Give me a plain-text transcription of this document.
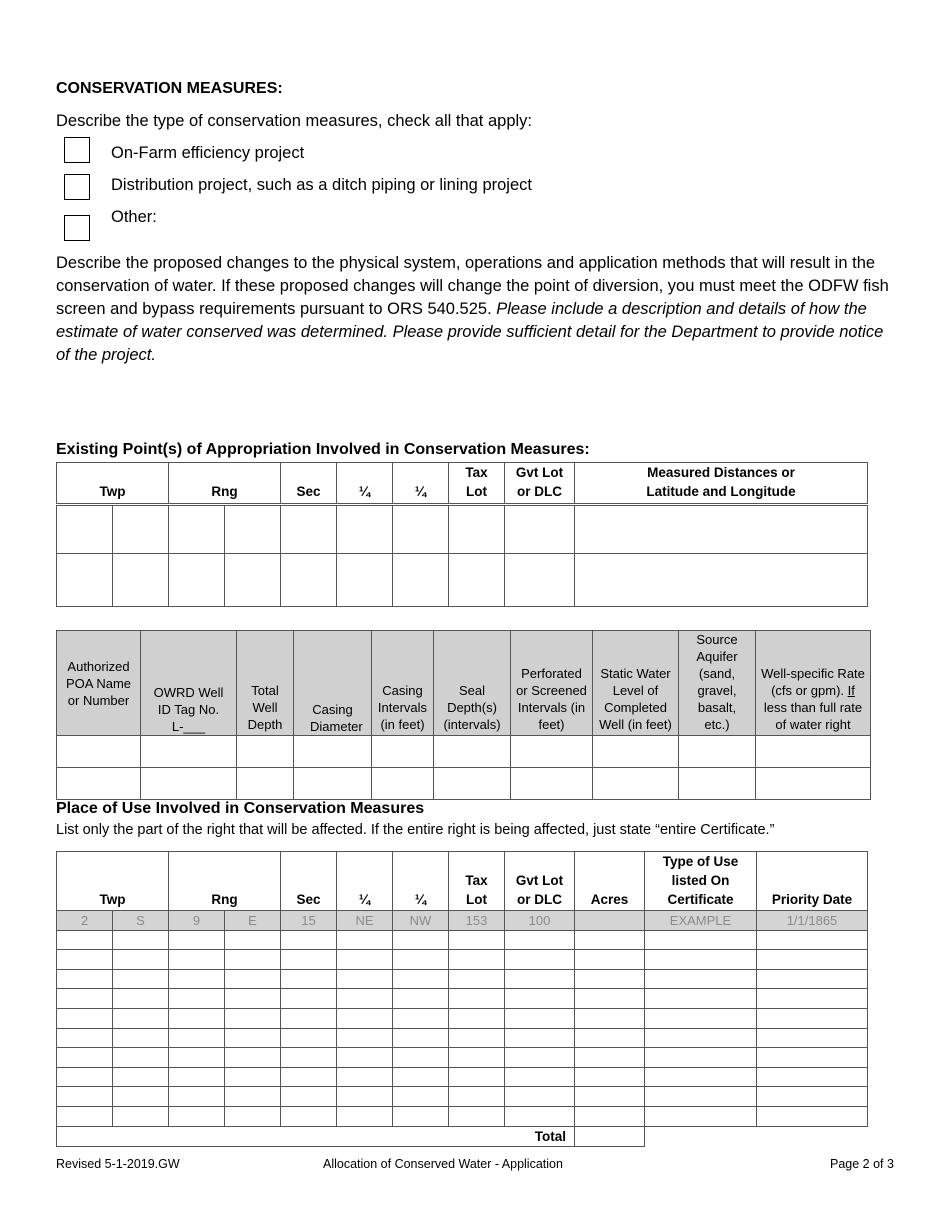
CONSERVATION MEASURES:
Describe the type of conservation measures, check all that apply:
On-Farm efficiency project
Distribution project, such as a ditch piping or lining project
Other:
Describe the proposed changes to the physical system, operations and application methods that will result in the conservation of water. If these proposed changes will change the point of diversion, you must meet the ODFW fish screen and bypass requirements pursuant to ORS 540.525. Please include a description and details of how the estimate of water conserved was determined. Please provide sufficient detail for the Department to provide notice of the project.
Existing Point(s) of Appropriation Involved in Conservation Measures:
Twp		Rng		Sec	¼	¼	Tax Lot	Gvt Lot or DLC	Measured Distances or Latitude and Longitude

Authorized POA Name or Number	OWRD Well ID Tag No. L-___	Total Well Depth	Casing Diameter	Casing Intervals (in feet)	Seal Depth(s) (intervals)	Perforated or Screened Intervals (in feet)	Static Water Level of Completed Well (in feet)	Source Aquifer (sand, gravel, basalt, etc.)	Well-specific Rate (cfs or gpm). If less than full rate of water right

Place of Use Involved in Conservation Measures
List only the part of the right that will be affected. If the entire right is being affected, just state “entire Certificate.”
Twp		Rng		Sec	¼	¼	Tax Lot	Gvt Lot or DLC	Acres	Type of Use listed On Certificate	Priority Date
2	S	9	E	15	NE	NW	153	100		EXAMPLE	1/1/1865

Total											
Revised 5-1-2019.GW	Allocation of Conserved Water - Application	Page 2 of 3
